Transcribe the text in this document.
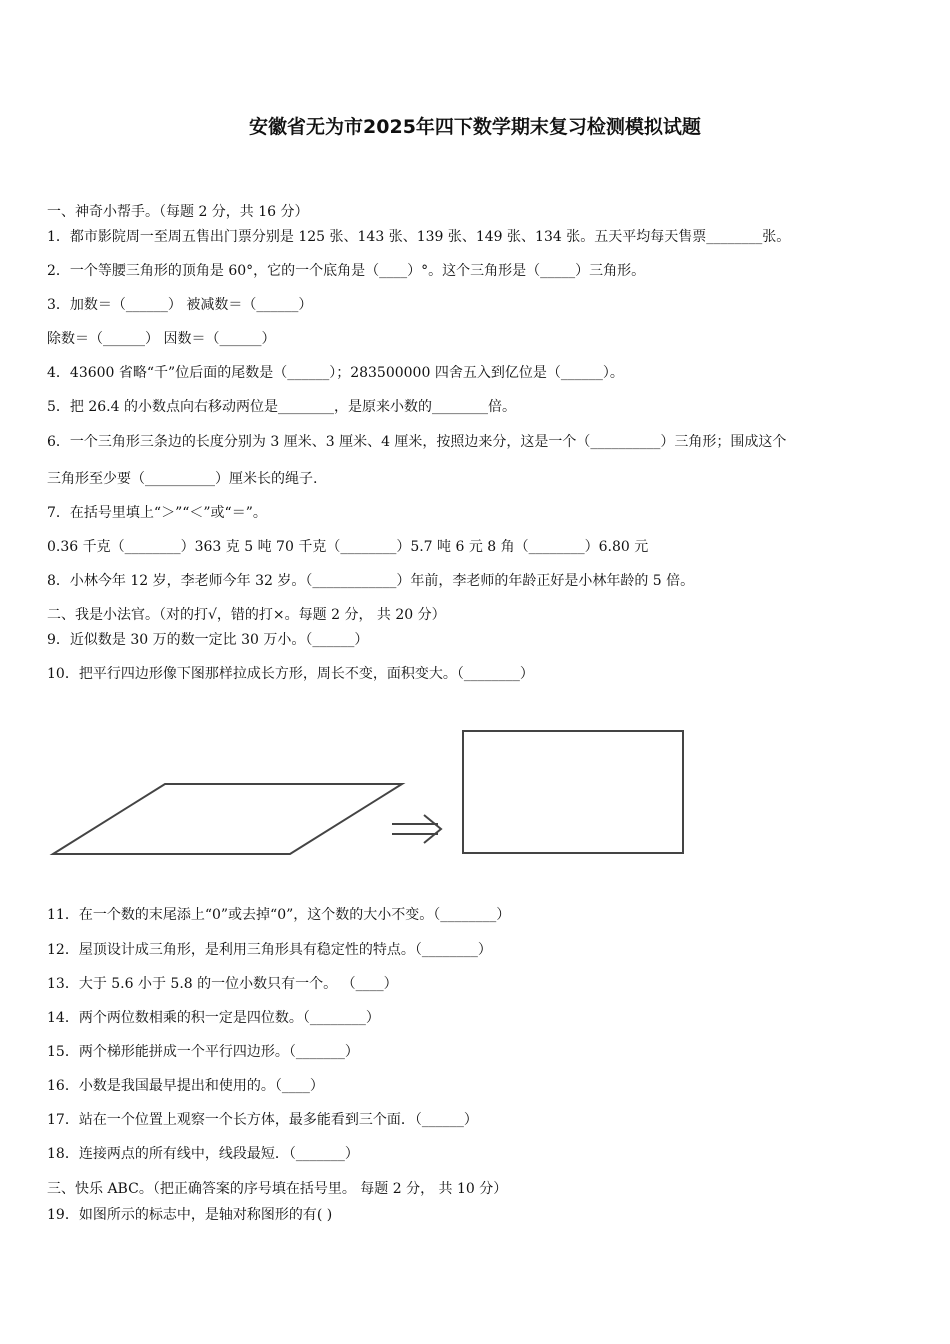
安徽省无为市2025年四下数学期末复习检测模拟试题
一、神奇小帮手。（每题 2 分，共 16 分）
1．都市影院周一至周五售出门票分别是 125 张、143 张、139 张、149 张、134 张。五天平均每天售票________张。
2．一个等腰三角形的顶角是 60°，它的一个底角是（____）°。这个三角形是（_____）三角形。
3．加数＝（______） 被减数＝（______）
除数＝（______） 因数＝（______）
4．43600 省略“千”位后面的尾数是（______）；283500000 四舍五入到亿位是（______）。
5．把 26.4 的小数点向右移动两位是________，是原来小数的________倍。
6．一个三角形三条边的长度分别为 3 厘米、3 厘米、4 厘米，按照边来分，这是一个（__________）三角形；围成这个
三角形至少要（__________）厘米长的绳子.
7．在括号里填上“＞”“＜”或“＝”。
0.36 千克（________）363 克 5 吨 70 千克（________）5.7 吨 6 元 8 角（________）6.80 元
8．小林今年 12 岁，李老师今年 32 岁。（____________）年前，李老师的年龄正好是小林年龄的 5 倍。
二、我是小法官。（对的打√，错的打×。每题 2 分， 共 20 分）
9．近似数是 30 万的数一定比 30 万小。（______）
10．把平行四边形像下图那样拉成长方形，周长不变，面积变大。（________）
11．在一个数的末尾添上“0”或去掉“0”，这个数的大小不变。（________）
12．屋顶设计成三角形，是利用三角形具有稳定性的特点。（________）
13．大于 5.6 小于 5.8 的一位小数只有一个。 （____）
14．两个两位数相乘的积一定是四位数。（________）
15．两个梯形能拼成一个平行四边形。（_______）
16．小数是我国最早提出和使用的。（____）
17．站在一个位置上观察一个长方体，最多能看到三个面．（______）
18．连接两点的所有线中，线段最短．（_______）
三、快乐 ABC。（把正确答案的序号填在括号里。 每题 2 分， 共 10 分）
19．如图所示的标志中，是轴对称图形的有( )
